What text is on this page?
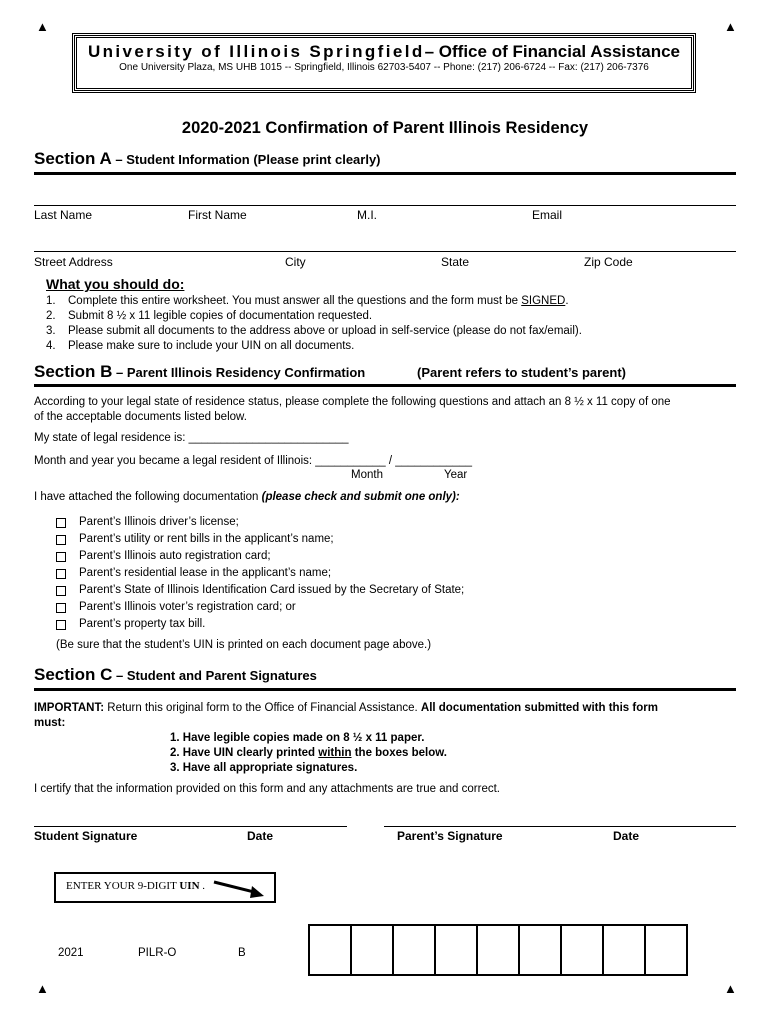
▲	▲
▲	▲
University of Illinois Springfield– Office of Financial Assistance
One University Plaza, MS UHB 1015 -- Springfield, Illinois 62703-5407 -- Phone: (217) 206-6724 -- Fax: (217) 206-7376
2020-2021 Confirmation of Parent Illinois Residency
Section A – Student Information (Please print clearly)
Last Name	First Name	M.I.	Email
Street Address	City	State	Zip Code
What you should do:
1. Complete this entire worksheet. You must answer all the questions and the form must be SIGNED.
2. Submit 8 ½ x 11 legible copies of documentation requested.
3. Please submit all documents to the address above or upload in self-service (please do not fax/email).
4. Please make sure to include your UIN on all documents.
Section B – Parent Illinois Residency Confirmation	(Parent refers to student’s parent)
According to your legal state of residence status, please complete the following questions and attach an 8 ½ x 11 copy of one
of the acceptable documents listed below.
My state of legal residence is: _________________________
Month and year you became a legal resident of Illinois: ___________ / ____________
Month	Year
I have attached the following documentation (please check and submit one only):
Parent’s Illinois driver’s license;
Parent’s utility or rent bills in the applicant’s name;
Parent’s Illinois auto registration card;
Parent’s residential lease in the applicant’s name;
Parent’s State of Illinois Identification Card issued by the Secretary of State;
Parent’s Illinois voter’s registration card; or
Parent’s property tax bill.
(Be sure that the student’s UIN is printed on each document page above.)
Section C – Student and Parent Signatures
IMPORTANT: Return this original form to the Office of Financial Assistance. All documentation submitted with this form
must:
1. Have legible copies made on 8 ½ x 11 paper.
2. Have UIN clearly printed within the boxes below.
3. Have all appropriate signatures.
I certify that the information provided on this form and any attachments are true and correct.
Student Signature	Date	Parent’s Signature	Date
ENTER YOUR 9-DIGIT UIN .
2021	PILR-O	B
